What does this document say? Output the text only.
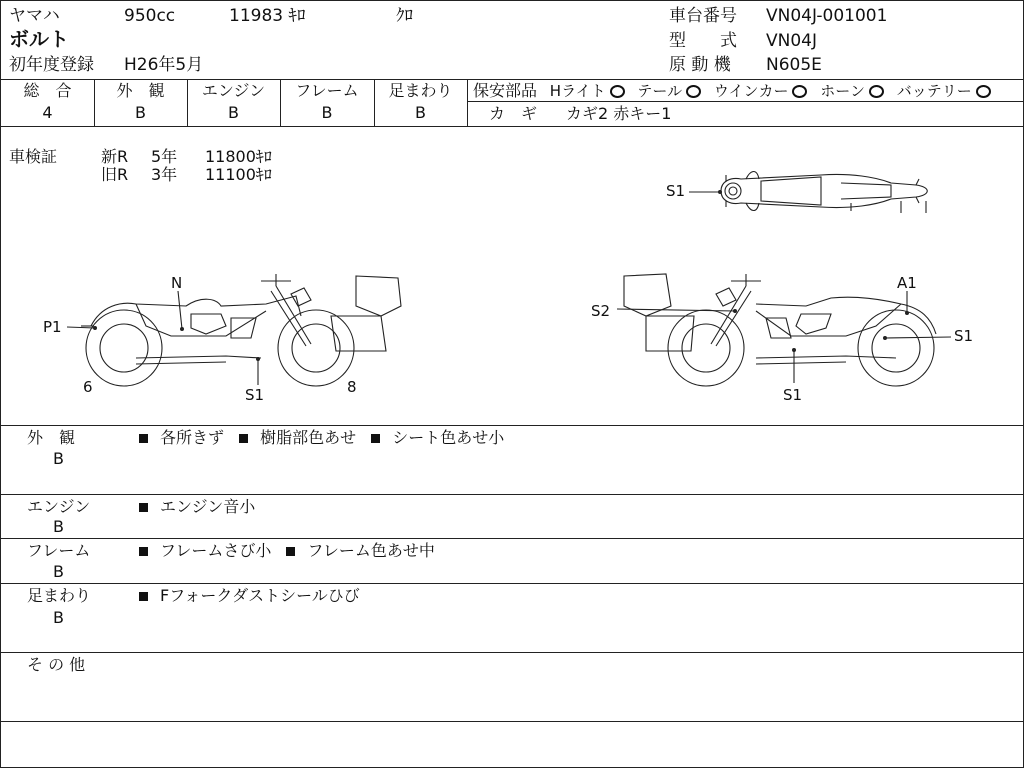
ヤマハ	950cc	11983 ｷﾛ	ｸﾛ
ボルト
初年度登録 H26年5月
車台番号 VN04J-001001
型　　式 VN04J
原 動 機 N605E
総　合
4
外　観
B
エンジン
B
フレーム
B
足まわり
B
保安部品 Hライト テール ウインカー ホーン バッテリー
カ　ギ カギ2 赤キー1
車検証	新R 5年 11800ｷﾛ
旧R 3年 11100ｷﾛ
S1
N
P1
6	8
S1
A1
S2
S1
S1
外　観
B
各所きず 樹脂部色あせ シート色あせ小
エンジン
B
エンジン音小
フレーム
B
フレームさび小 フレーム色あせ中
足まわり
B
Fフォークダストシールひび
そ の 他
